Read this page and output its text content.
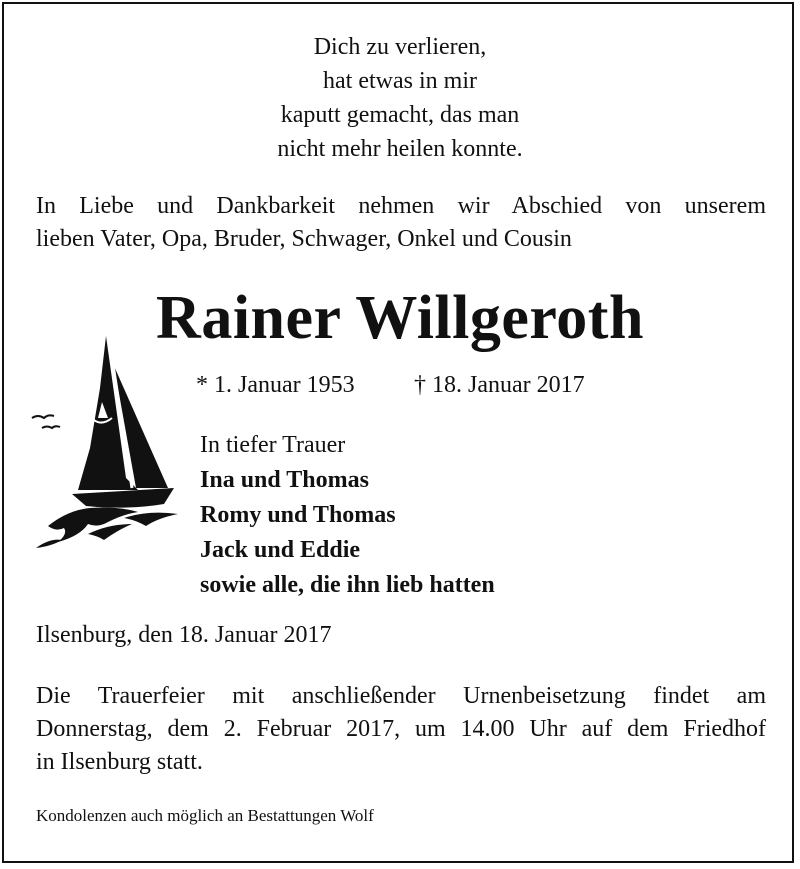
Dich zu verlieren,
hat etwas in mir
kaputt gemacht, das man
nicht mehr heilen konnte.
In Liebe und Dankbarkeit nehmen wir Abschied von unserem
lieben Vater, Opa, Bruder, Schwager, Onkel und Cousin
Rainer Willgeroth
* 1. Januar 1953 † 18. Januar 2017
In tiefer Trauer
Ina und Thomas
Romy und Thomas
Jack und Eddie
sowie alle, die ihn lieb hatten
Ilsenburg, den 18. Januar 2017
Die Trauerfeier mit anschließender Urnenbeisetzung findet am
Donnerstag, dem 2. Februar 2017, um 14.00 Uhr auf dem Friedhof
in Ilsenburg statt.
Kondolenzen auch möglich an Bestattungen Wolf
